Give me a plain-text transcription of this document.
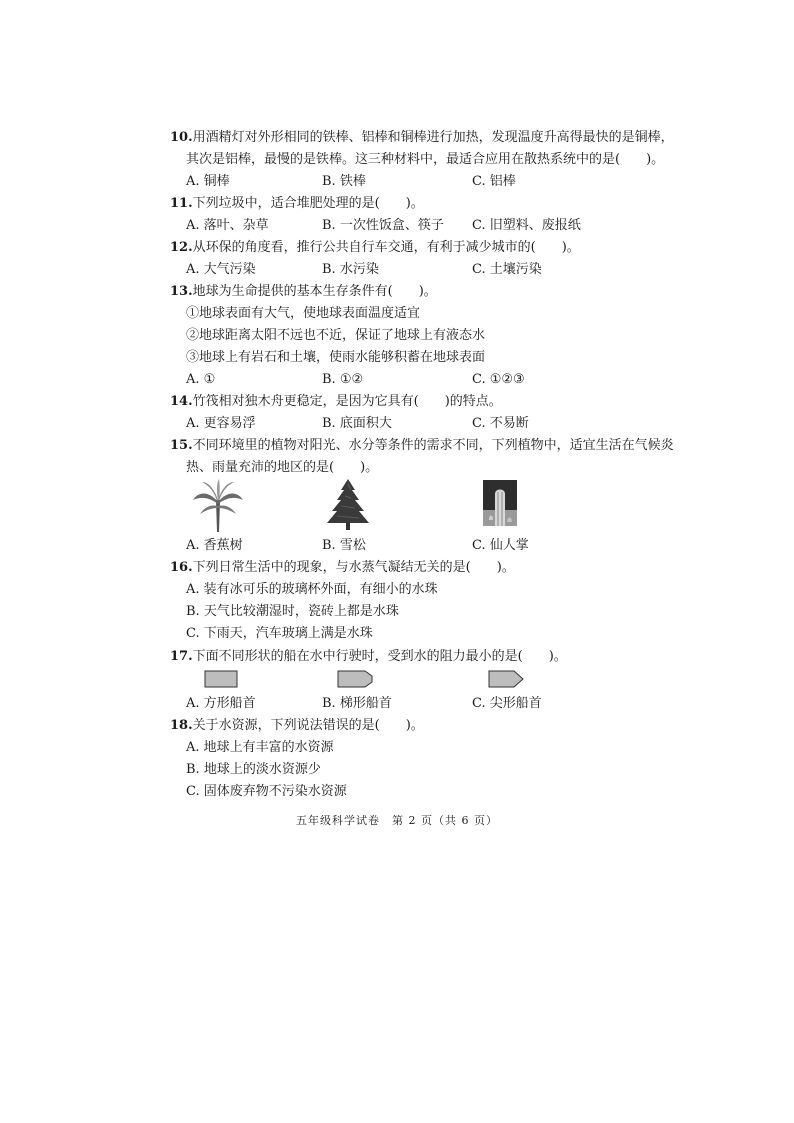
10.用酒精灯对外形相同的铁棒、铝棒和铜棒进行加热，发现温度升高得最快的是铜棒，
其次是铝棒，最慢的是铁棒。这三种材料中，最适合应用在散热系统中的是(　　)。
A. 铜棒	B. 铁棒	C. 铝棒
11.下列垃圾中，适合堆肥处理的是(　　)。
A. 落叶、杂草	B. 一次性饭盒、筷子 C. 旧塑料、废报纸
12.从环保的角度看，推行公共自行车交通，有利于减少城市的(　　)。
A. 大气污染	B. 水污染	C. 土壤污染
13.地球为生命提供的基本生存条件有(　　)。
①地球表面有大气，使地球表面温度适宜
②地球距离太阳不远也不近，保证了地球上有液态水
③地球上有岩石和土壤，使雨水能够积蓄在地球表面
A. ①	B. ①②	C. ①②③
14.竹筏相对独木舟更稳定，是因为它具有(　　)的特点。
A. 更容易浮	B. 底面积大	C. 不易断
15.不同环境里的植物对阳光、水分等条件的需求不同，下列植物中，适宜生活在气候炎
热、雨量充沛的地区的是(　　)。
A. 香蕉树	B. 雪松	C. 仙人掌
16.下列日常生活中的现象，与水蒸气凝结无关的是(　　)。
A. 装有冰可乐的玻璃杯外面，有细小的水珠
B. 天气比较潮湿时，瓷砖上都是水珠
C. 下雨天，汽车玻璃上满是水珠
17.下面不同形状的船在水中行驶时，受到水的阻力最小的是(　　)。
A. 方形船首	B. 梯形船首	C. 尖形船首
18.关于水资源，下列说法错误的是(　　)。
A. 地球上有丰富的水资源
B. 地球上的淡水资源少
C. 固体废弃物不污染水资源
五年级科学试卷　第 2 页（共 6 页）
